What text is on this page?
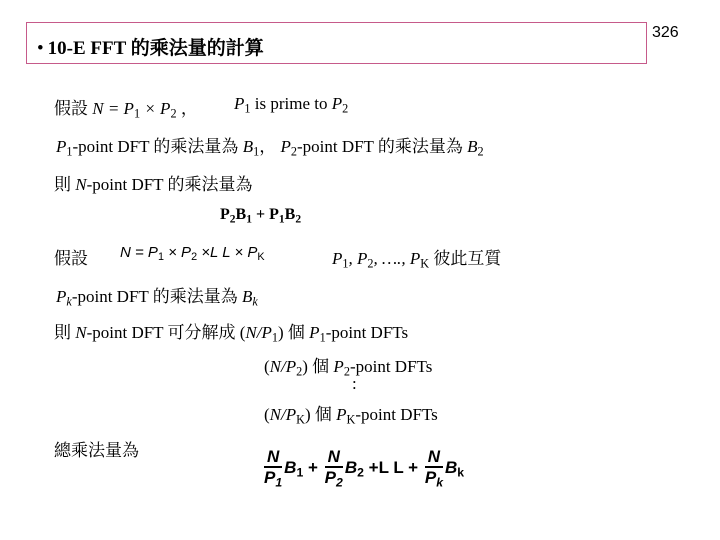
• 10-E FFT 的乘法量的計算
326
假設 $N = P_1 \times P_2$ ， $P_1$ is prime to $P_2$
$P_1$-point DFT 的乘法量為 $B_1$， $P_2$-point DFT 的乘法量為 $B_2$
則 N-point DFT 的乘法量為
$P_2B_1 + P_1B_2$
假設 $N = P_1 \times P_2 \times L$ $L \times P_K$	$P_1$, $P_2$, …., $P_K$ 彼此互質
$P_k$-point DFT 的乘法量為 $B_k$
則 N-point DFT 可分解成 $(N/P_1)$ 個 $P_1$-point DFTs
$(N/P_2)$ 個 $P_2$-point DFTs
:
$(N/P_K)$ 個 $P_K$-point DFTs
總乘法量為	$\frac{N}{P_1} B_1 + \frac{N}{P_2} B_2 +L$ $L + \frac{N}{P_k} B_k$
